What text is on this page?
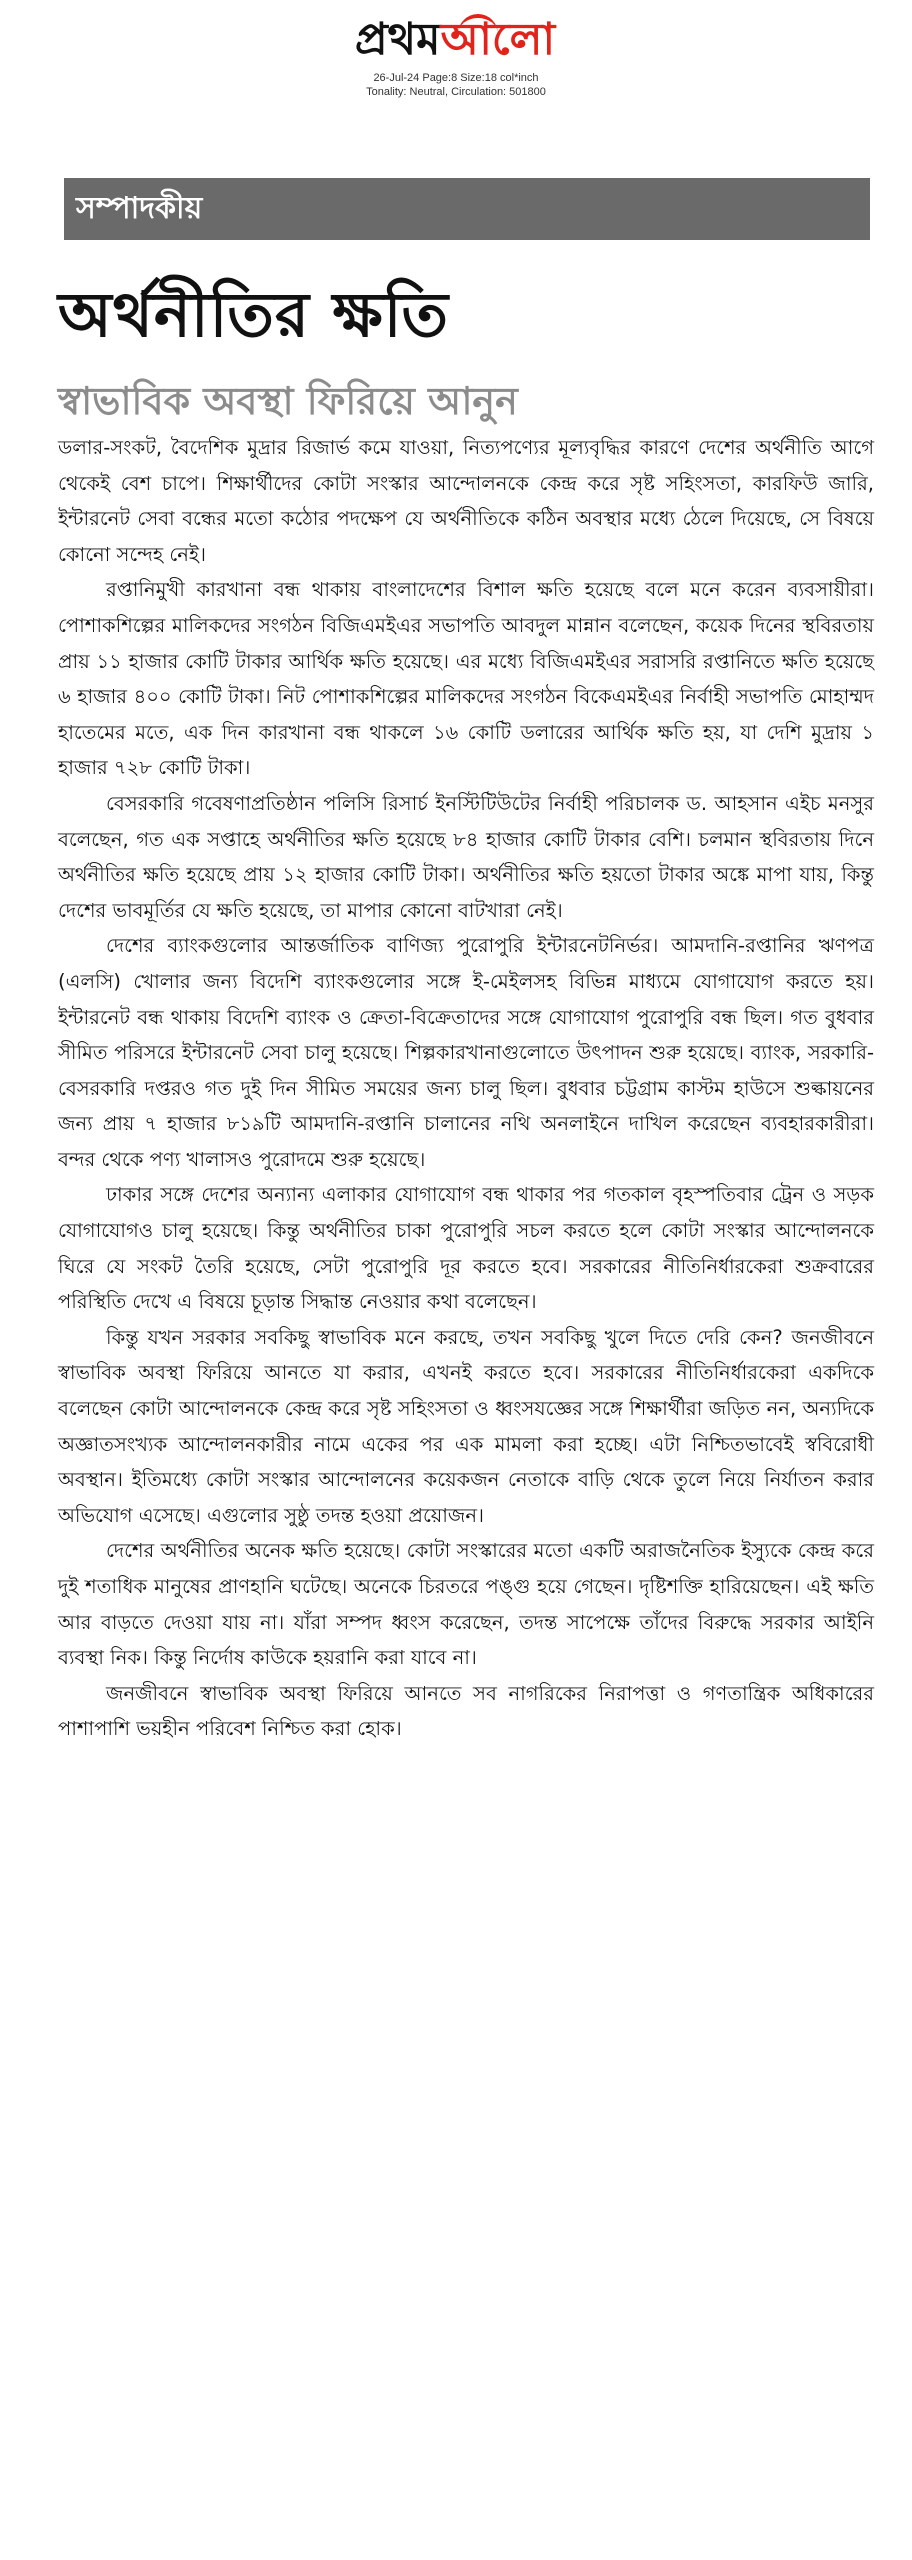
প্রথম আলো
26-Jul-24 Page:8 Size:18 col*inch
Tonality: Neutral, Circulation: 501800
সম্পাদকীয়
অর্থনীতির ক্ষতি
স্বাভাবিক অবস্থা ফিরিয়ে আনুন

ডলার-সংকট, বৈদেশিক মুদ্রার রিজার্ভ কমে যাওয়া, নিত্যপণ্যের মূল্যবৃদ্ধির কারণে দেশের অর্থনীতি আগে থেকেই বেশ চাপে। শিক্ষার্থীদের কোটা সংস্কার আন্দোলনকে কেন্দ্র করে সৃষ্ট সহিংসতা, কারফিউ জারি, ইন্টারনেট সেবা বন্ধের মতো কঠোর পদক্ষেপ যে অর্থনীতিকে কঠিন অবস্থার মধ্যে ঠেলে দিয়েছে, সে বিষয়ে কোনো সন্দেহ নেই।

রপ্তানিমুখী কারখানা বন্ধ থাকায় বাংলাদেশের বিশাল ক্ষতি হয়েছে বলে মনে করেন ব্যবসায়ীরা। পোশাকশিল্পের মালিকদের সংগঠন বিজিএমইএর সভাপতি আবদুল মান্নান বলেছেন, কয়েক দিনের স্থবিরতায় প্রায় ১১ হাজার কোটি টাকার আর্থিক ক্ষতি হয়েছে। এর মধ্যে বিজিএমইএর সরাসরি রপ্তানিতে ক্ষতি হয়েছে ৬ হাজার ৪০০ কোটি টাকা। নিট পোশাকশিল্পের মালিকদের সংগঠন বিকেএমইএর নির্বাহী সভাপতি মোহাম্মদ হাতেমের মতে, এক দিন কারখানা বন্ধ থাকলে ১৬ কোটি ডলারের আর্থিক ক্ষতি হয়, যা দেশি মুদ্রায় ১ হাজার ৭২৮ কোটি টাকা।

বেসরকারি গবেষণাপ্রতিষ্ঠান পলিসি রিসার্চ ইনস্টিটিউটের নির্বাহী পরিচালক ড. আহসান এইচ মনসুর বলেছেন, গত এক সপ্তাহে অর্থনীতির ক্ষতি হয়েছে ৮৪ হাজার কোটি টাকার বেশি। চলমান স্থবিরতায় দিনে অর্থনীতির ক্ষতি হয়েছে প্রায় ১২ হাজার কোটি টাকা। অর্থনীতির ক্ষতি হয়তো টাকার অঙ্কে মাপা যায়, কিন্তু দেশের ভাবমূর্তির যে ক্ষতি হয়েছে, তা মাপার কোনো বাটখারা নেই।

দেশের ব্যাংকগুলোর আন্তর্জাতিক বাণিজ্য পুরোপুরি ইন্টারনেটনির্ভর। আমদানি-রপ্তানির ঋণপত্র (এলসি) খোলার জন্য বিদেশি ব্যাংকগুলোর সঙ্গে ই-মেইলসহ বিভিন্ন মাধ্যমে যোগাযোগ করতে হয়। ইন্টারনেট বন্ধ থাকায় বিদেশি ব্যাংক ও ক্রেতা-বিক্রেতাদের সঙ্গে যোগাযোগ পুরোপুরি বন্ধ ছিল। গত বুধবার সীমিত পরিসরে ইন্টারনেট সেবা চালু হয়েছে। শিল্পকারখানাগুলোতে উৎপাদন শুরু হয়েছে। ব্যাংক, সরকারি-বেসরকারি দপ্তরও গত দুই দিন সীমিত সময়ের জন্য চালু ছিল। বুধবার চট্টগ্রাম কাস্টম হাউসে শুল্কায়নের জন্য প্রায় ৭ হাজার ৮১৯টি আমদানি-রপ্তানি চালানের নথি অনলাইনে দাখিল করেছেন ব্যবহারকারীরা। বন্দর থেকে পণ্য খালাসও পুরোদমে শুরু হয়েছে।

ঢাকার সঙ্গে দেশের অন্যান্য এলাকার যোগাযোগ বন্ধ থাকার পর গতকাল বৃহস্পতিবার ট্রেন ও সড়ক যোগাযোগও চালু হয়েছে। কিন্তু অর্থনীতির চাকা পুরোপুরি সচল করতে হলে কোটা সংস্কার আন্দোলনকে ঘিরে যে সংকট তৈরি হয়েছে, সেটা পুরোপুরি দূর করতে হবে। সরকারের নীতিনির্ধারকেরা শুক্রবারের পরিস্থিতি দেখে এ বিষয়ে চূড়ান্ত সিদ্ধান্ত নেওয়ার কথা বলেছেন।

কিন্তু যখন সরকার সবকিছু স্বাভাবিক মনে করছে, তখন সবকিছু খুলে দিতে দেরি কেন? জনজীবনে স্বাভাবিক অবস্থা ফিরিয়ে আনতে যা করার, এখনই করতে হবে। সরকারের নীতিনির্ধারকেরা একদিকে বলেছেন কোটা আন্দোলনকে কেন্দ্র করে সৃষ্ট সহিংসতা ও ধ্বংসযজ্ঞের সঙ্গে শিক্ষার্থীরা জড়িত নন, অন্যদিকে অজ্ঞাতসংখ্যক আন্দোলনকারীর নামে একের পর এক মামলা করা হচ্ছে। এটা নিশ্চিতভাবেই স্ববিরোধী অবস্থান। ইতিমধ্যে কোটা সংস্কার আন্দোলনের কয়েকজন নেতাকে বাড়ি থেকে তুলে নিয়ে নির্যাতন করার অভিযোগ এসেছে। এগুলোর সুষ্ঠু তদন্ত হওয়া প্রয়োজন।

দেশের অর্থনীতির অনেক ক্ষতি হয়েছে। কোটা সংস্কারের মতো একটি অরাজনৈতিক ইস্যুকে কেন্দ্র করে দুই শতাধিক মানুষের প্রাণহানি ঘটেছে। অনেকে চিরতরে পঙ্গু হয়ে গেছেন। দৃষ্টিশক্তি হারিয়েছেন। এই ক্ষতি আর বাড়তে দেওয়া যায় না। যাঁরা সম্পদ ধ্বংস করেছেন, তদন্ত সাপেক্ষে তাঁদের বিরুদ্ধে সরকার আইনি ব্যবস্থা নিক। কিন্তু নির্দোষ কাউকে হয়রানি করা যাবে না।

জনজীবনে স্বাভাবিক অবস্থা ফিরিয়ে আনতে সব নাগরিকের নিরাপত্তা ও গণতান্ত্রিক অধিকারের পাশাপাশি ভয়হীন পরিবেশ নিশ্চিত করা হোক।
